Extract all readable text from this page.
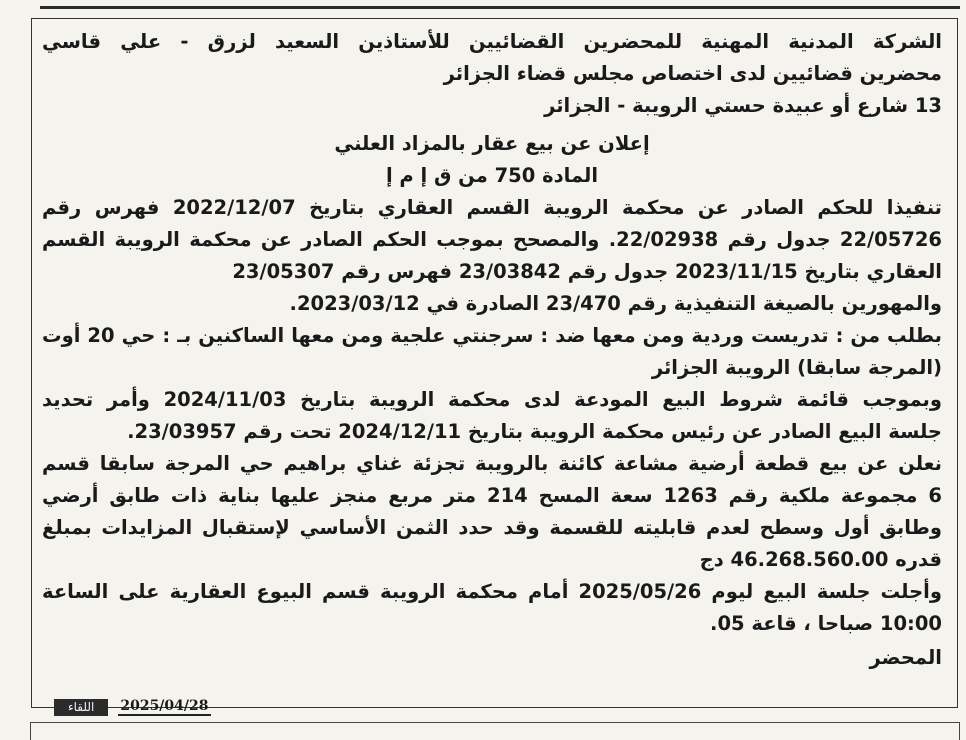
الشركة المدنية المهنية للمحضرين القضائيين للأستاذين السعيد لزرق - علي قاسي
محضرين قضائيين لدى اختصاص مجلس قضاء الجزائر
13 شارع أو عبيدة حستي الرويبة - الجزائر
إعلان عن بيع عقار بالمزاد العلني
المادة 750 من ق إ م إ
تنفيذا للحكم الصادر عن محكمة الرويبة القسم العقاري بتاريخ 2022/12/07 فهرس رقم
22/05726 جدول رقم 22/02938. والمصحح بموجب الحكم الصادر عن محكمة الرويبة القسم
العقاري بتاريخ 2023/11/15 جدول رقم 23/03842 فهرس رقم 23/05307
والمهورين بالصيغة التنفيذية رقم 23/470 الصادرة في 2023/03/12.
بطلب من : تدريست وردية ومن معها ضد : سرجنتي علجية ومن معها الساكنين بـ : حي 20 أوت
(المرجة سابقا) الرويبة الجزائر
وبموجب قائمة شروط البيع المودعة لدى محكمة الرويبة بتاريخ 2024/11/03 وأمر تحديد
جلسة البيع الصادر عن رئيس محكمة الرويبة بتاريخ 2024/12/11 تحت رقم 23/03957.
نعلن عن بيع قطعة أرضية مشاعة كائنة بالرويبة تجزئة غناي براهيم حي المرجة سابقا قسم
6 مجموعة ملكية رقم 1263 سعة المسح 214 متر مربع منجز عليها بناية ذات طابق أرضي
وطابق أول وسطح لعدم قابليته للقسمة وقد حدد الثمن الأساسي لإستقبال المزايدات بمبلغ
قدره 46.268.560.00 دج
وأجلت جلسة البيع ليوم 2025/05/26 أمام محكمة الرويبة قسم البيوع العقارية على الساعة
10:00 صباحا ، قاعة 05.
المحضر
اللقاء	2025/04/28
